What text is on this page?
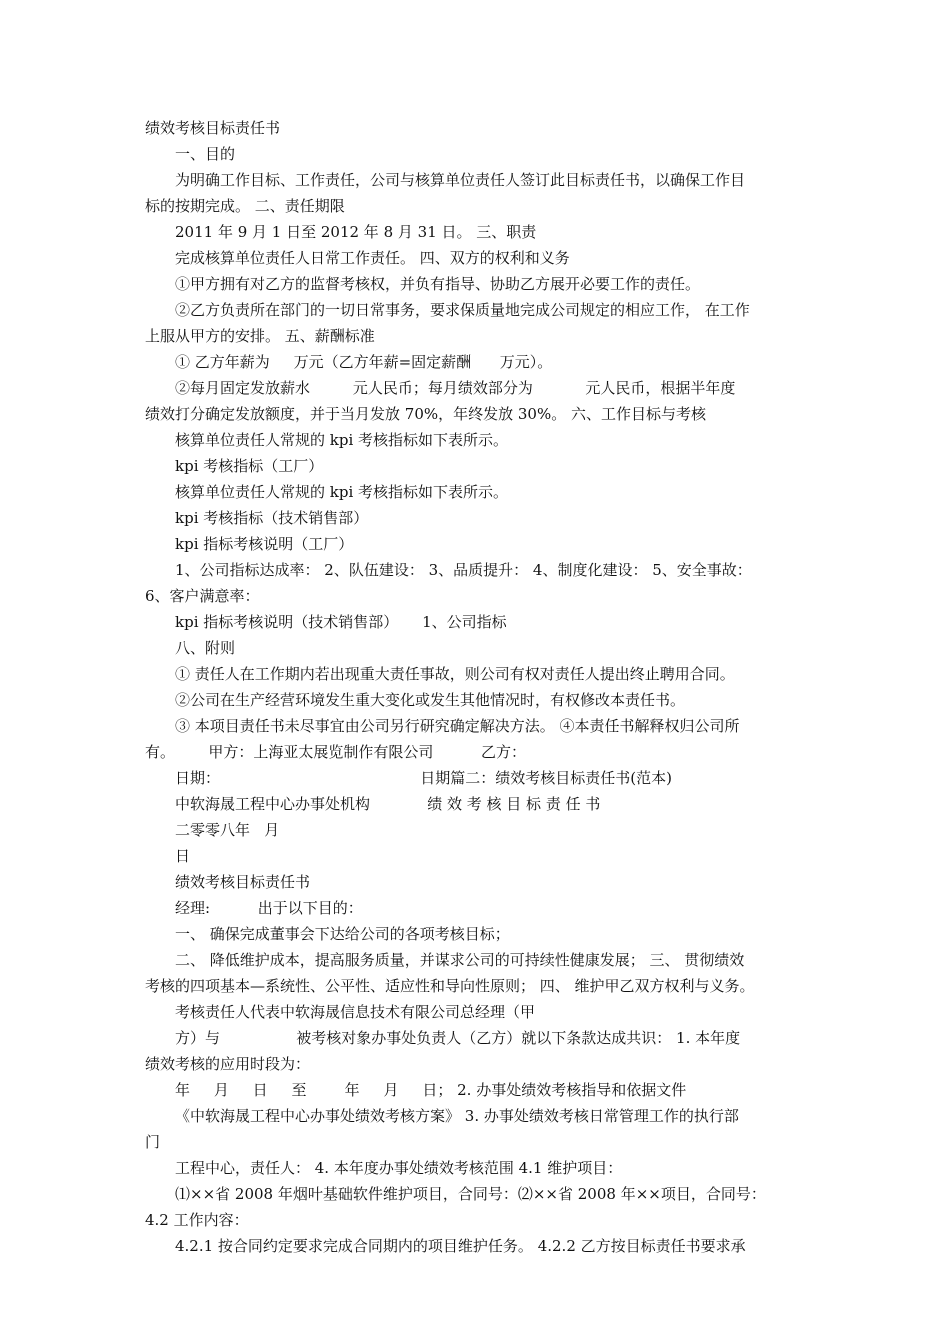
绩效考核目标责任书
一、目的
为明确工作目标、工作责任，公司与核算单位责任人签订此目标责任书，以确保工作目
标的按期完成。 二、责任期限
2011 年 9 月 1 日至 2012 年 8 月 31 日。 三、职责
完成核算单位责任人日常工作责任。 四、双方的权利和义务
①甲方拥有对乙方的监督考核权，并负有指导、协助乙方展开必要工作的责任。
②乙方负责所在部门的一切日常事务，要求保质量地完成公司规定的相应工作， 在工作
上服从甲方的安排。 五、薪酬标准
① 乙方年薪为     万元（乙方年薪=固定薪酬      万元）。
②每月固定发放薪水         元人民币；每月绩效部分为           元人民币，根据半年度
绩效打分确定发放额度，并于当月发放 70%，年终发放 30%。 六、工作目标与考核
核算单位责任人常规的 kpi 考核指标如下表所示。
kpi 考核指标（工厂）
核算单位责任人常规的 kpi 考核指标如下表所示。
kpi 考核指标（技术销售部）
kpi 指标考核说明（工厂）
1、公司指标达成率： 2、队伍建设： 3、品质提升： 4、制度化建设： 5、安全事故：
6、客户满意率：
kpi 指标考核说明（技术销售部）     1、公司指标
八、附则
① 责任人在工作期内若出现重大责任事故，则公司有权对责任人提出终止聘用合同。
②公司在生产经营环境发生重大变化或发生其他情况时，有权修改本责任书。
③ 本项目责任书未尽事宜由公司另行研究确定解决方法。 ④本责任书解释权归公司所
有。       甲方：上海亚太展览制作有限公司          乙方：
日期：                                          日期篇二：绩效考核目标责任书(范本)
中软海晟工程中心办事处机构            绩 效 考 核 目 标 责 任 书
二零零八年   月
日
绩效考核目标责任书
经理:          出于以下目的：
一、 确保完成董事会下达给公司的各项考核目标；
二、 降低维护成本，提高服务质量，并谋求公司的可持续性健康发展； 三、 贯彻绩效
考核的四项基本—系统性、公平性、适应性和导向性原则； 四、 维护甲乙双方权利与义务。
考核责任人代表中软海晟信息技术有限公司总经理（甲
方）与                被考核对象办事处负责人（乙方）就以下条款达成共识： 1. 本年度
绩效考核的应用时段为：
年     月     日     至        年     月     日； 2. 办事处绩效考核指导和依据文件
《中软海晟工程中心办事处绩效考核方案》 3. 办事处绩效考核日常管理工作的执行部
门
工程中心，责任人： 4. 本年度办事处绩效考核范围 4.1 维护项目：
⑴××省 2008 年烟叶基础软件维护项目，合同号：⑵××省 2008 年××项目，合同号：
4.2 工作内容：
4.2.1 按合同约定要求完成合同期内的项目维护任务。 4.2.2 乙方按目标责任书要求承
